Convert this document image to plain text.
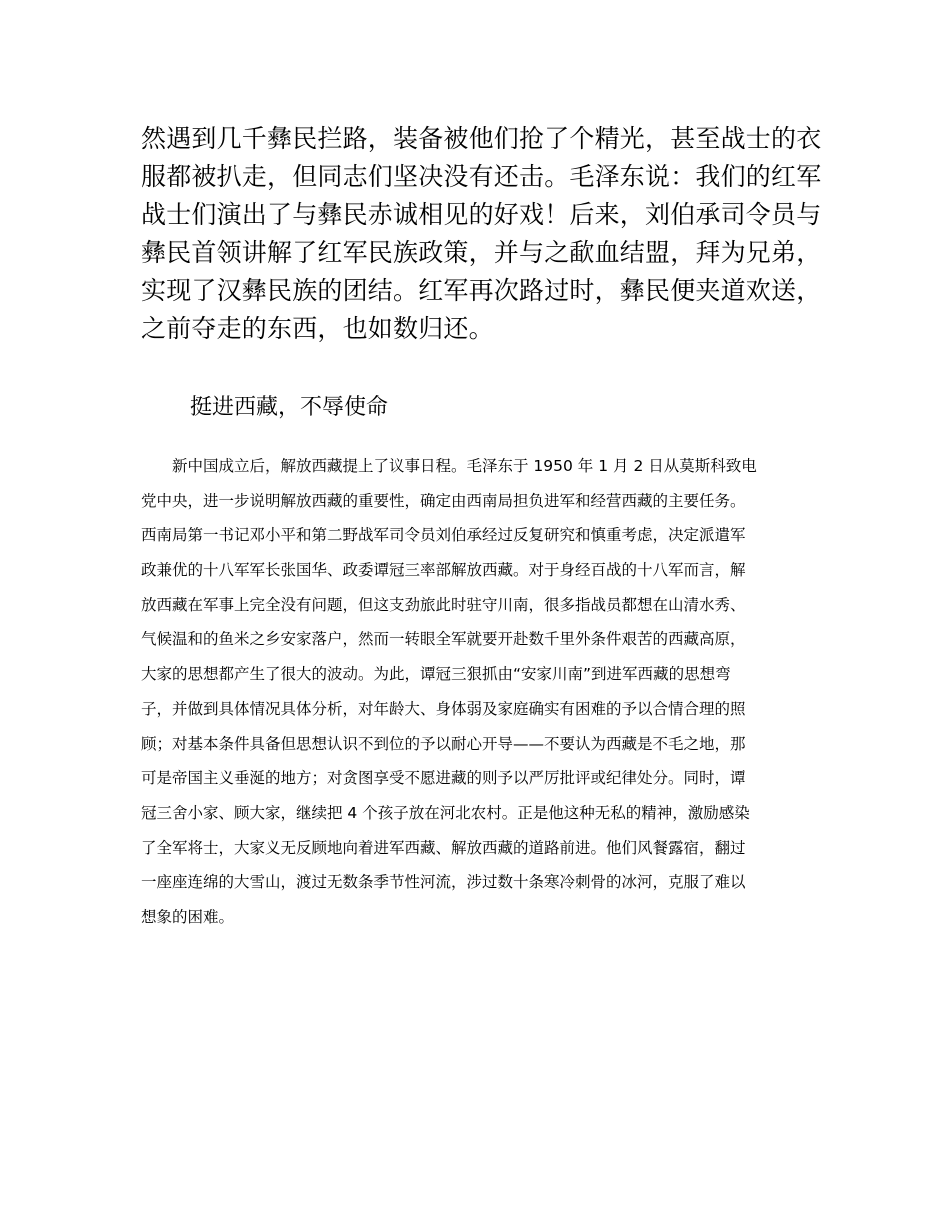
然遇到几千彝民拦路，装备被他们抢了个精光，甚至战士的衣
服都被扒走，但同志们坚决没有还击。毛泽东说：我们的红军
战士们演出了与彝民赤诚相见的好戏！后来，刘伯承司令员与
彝民首领讲解了红军民族政策，并与之歃血结盟，拜为兄弟，
实现了汉彝民族的团结。红军再次路过时，彝民便夹道欢送，
之前夺走的东西，也如数归还。
挺进西藏，不辱使命
　　新中国成立后，解放西藏提上了议事日程。毛泽东于 1950 年 1 月 2 日从莫斯科致电
党中央，进一步说明解放西藏的重要性，确定由西南局担负进军和经营西藏的主要任务。
西南局第一书记邓小平和第二野战军司令员刘伯承经过反复研究和慎重考虑，决定派遣军
政兼优的十八军军长张国华、政委谭冠三率部解放西藏。对于身经百战的十八军而言，解
放西藏在军事上完全没有问题，但这支劲旅此时驻守川南，很多指战员都想在山清水秀、
气候温和的鱼米之乡安家落户，然而一转眼全军就要开赴数千里外条件艰苦的西藏高原，
大家的思想都产生了很大的波动。为此，谭冠三狠抓由“安家川南”到进军西藏的思想弯
子，并做到具体情况具体分析，对年龄大、身体弱及家庭确实有困难的予以合情合理的照
顾；对基本条件具备但思想认识不到位的予以耐心开导——不要认为西藏是不毛之地，那
可是帝国主义垂涎的地方；对贪图享受不愿进藏的则予以严厉批评或纪律处分。同时，谭
冠三舍小家、顾大家，继续把 4 个孩子放在河北农村。正是他这种无私的精神，激励感染
了全军将士，大家义无反顾地向着进军西藏、解放西藏的道路前进。他们风餐露宿，翻过
一座座连绵的大雪山，渡过无数条季节性河流，涉过数十条寒冷刺骨的冰河，克服了难以
想象的困难。
